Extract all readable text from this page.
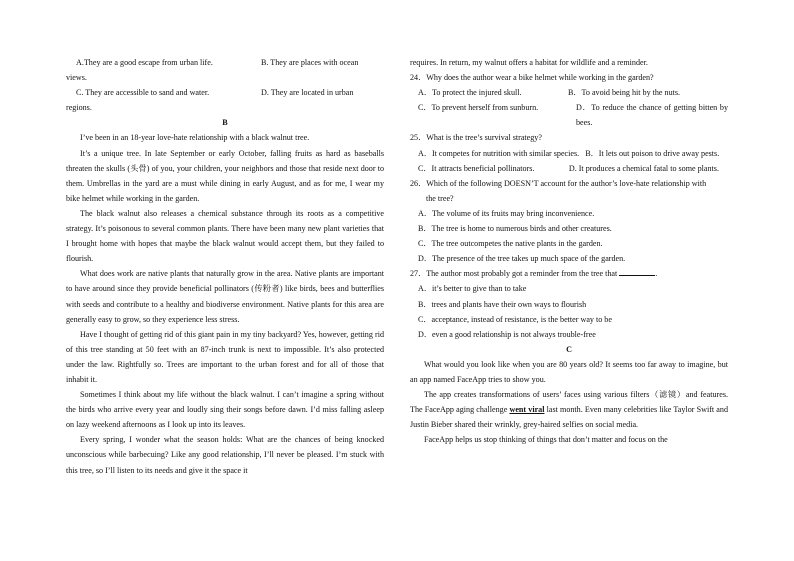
A.They are a good escape from urban life.	B. They are places with ocean
views.
C. They are accessible to sand and water.	D. They are located in urban
regions.
B
I’ve been in an 18-year love-hate relationship with a black walnut tree.
It’s a unique tree. In late September or early October, falling fruits as hard as baseballs threaten the skulls (头骨) of you, your children, your neighbors and those that reside next door to them. Umbrellas in the yard are a must while dining in early August, and as for me, I wear my bike helmet while working in the garden.
The black walnut also releases a chemical substance through its roots as a competitive strategy. It’s poisonous to several common plants. There have been many new plant varieties that I brought home with hopes that maybe the black walnut would accept them, but they failed to flourish.
What does work are native plants that naturally grow in the area. Native plants are important to have around since they provide beneficial pollinators (传粉者) like birds, bees and butterflies with seeds and contribute to a healthy and biodiverse environment. Native plants for this area are generally easy to grow, so they experience less stress.
Have I thought of getting rid of this giant pain in my tiny backyard? Yes, however, getting rid of this tree standing at 50 feet with an 87-inch trunk is next to impossible. It’s also protected under the law. Rightfully so. Trees are important to the urban forest and for all of those that inhabit it.
Sometimes I think about my life without the black walnut. I can’t imagine a spring without the birds who arrive every year and loudly sing their songs before dawn. I’d miss falling asleep on lazy weekend afternoons as I look up into its leaves.
Every spring, I wonder what the season holds: What are the chances of being knocked unconscious while barbecuing? Like any good relationship, I’ll never be pleased. I’m stuck with this tree, so I’ll listen to its needs and give it the space it
requires. In return, my walnut offers a habitat for wildlife and a reminder.
24．Why does the author wear a bike helmet while working in the garden?
A．To protect the injured skull.	B．To avoid being hit by the nuts.
C．To prevent herself from sunburn.	D．To reduce the chance of getting bitten by bees.
25．What is the tree’s survival strategy?
A．It competes for nutrition with similar species. B．It lets out poison to drive away pests.
C．It attracts beneficial pollinators.	D. It produces a chemical fatal to some plants.
26．Which of the following DOESN’T account for the author’s love-hate relationship with
the tree?
A．The volume of its fruits may bring inconvenience.
B．The tree is home to numerous birds and other creatures.
C．The tree outcompetes the native plants in the garden.
D．The presence of the tree takes up much space of the garden.
27．The author most probably got a reminder from the tree that	.
A．it’s better to give than to take
B．trees and plants have their own ways to flourish
C．acceptance, instead of resistance, is the better way to be
D．even a good relationship is not always trouble-free
C
What would you look like when you are 80 years old? It seems too far away to imagine, but an app named FaceApp tries to show you.
The app creates transformations of users’ faces using various filters（滤镜）and features. The FaceApp aging challenge went viral last month. Even many celebrities like Taylor Swift and Justin Bieber shared their wrinkly, grey-haired selfies on social media.
FaceApp helps us stop thinking of things that don’t matter and focus on the
